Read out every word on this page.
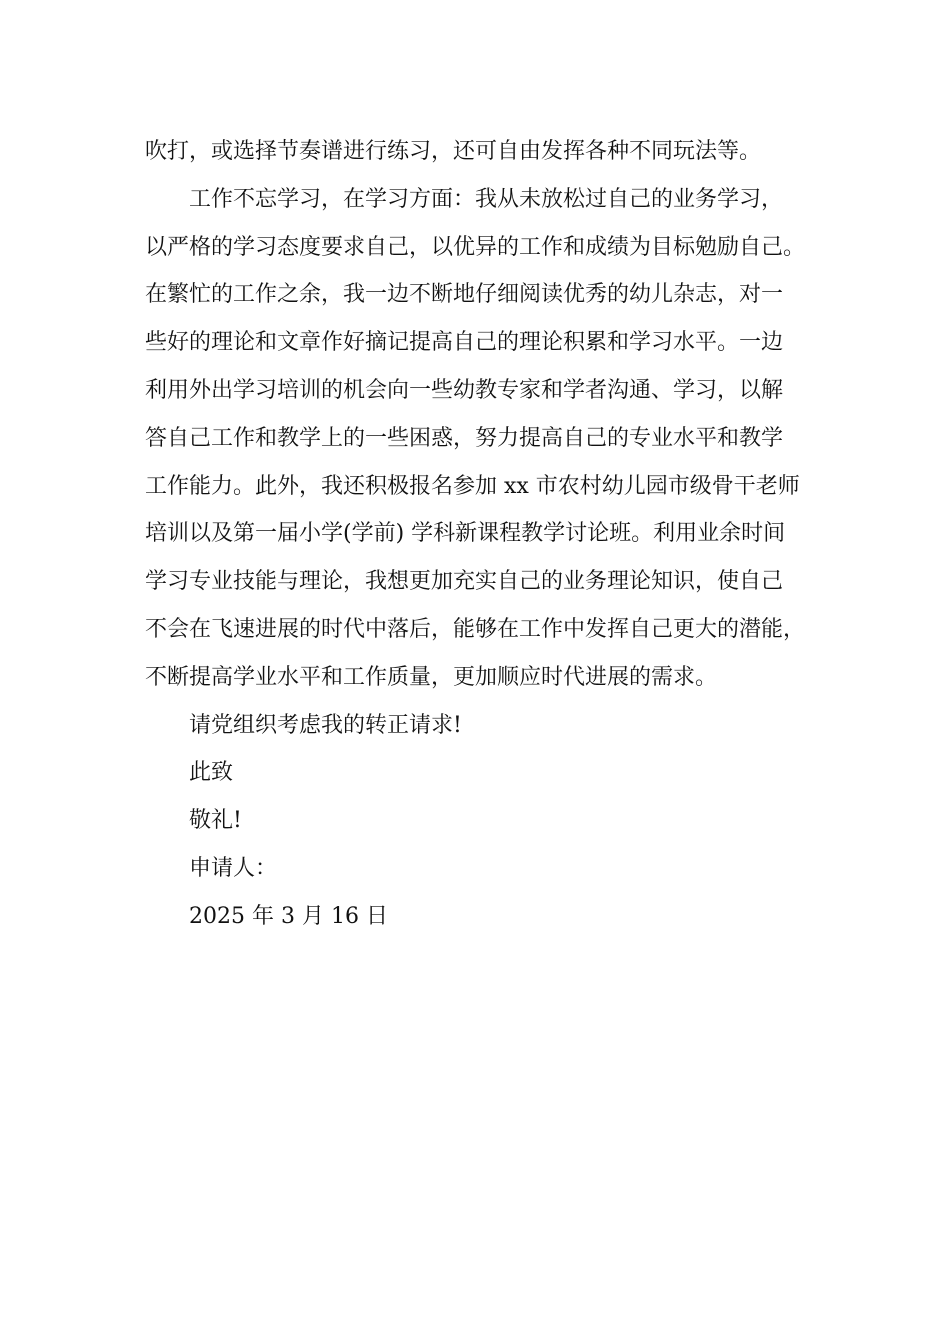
吹打，或选择节奏谱进行练习，还可自由发挥各种不同玩法等。
工作不忘学习，在学习方面：我从未放松过自己的业务学习，
以严格的学习态度要求自己，以优异的工作和成绩为目标勉励自己。
在繁忙的工作之余，我一边不断地仔细阅读优秀的幼儿杂志，对一
些好的理论和文章作好摘记提高自己的理论积累和学习水平。一边
利用外出学习培训的机会向一些幼教专家和学者沟通、学习，以解
答自己工作和教学上的一些困惑，努力提高自己的专业水平和教学
工作能力。此外，我还积极报名参加 xx 市农村幼儿园市级骨干老师
培训以及第一届小学(学前) 学科新课程教学讨论班。利用业余时间
学习专业技能与理论，我想更加充实自己的业务理论知识，使自己
不会在飞速进展的时代中落后，能够在工作中发挥自己更大的潜能，
不断提高学业水平和工作质量，更加顺应时代进展的需求。
请党组织考虑我的转正请求!
此致
敬礼!
申请人：
2025 年 3 月 16 日
